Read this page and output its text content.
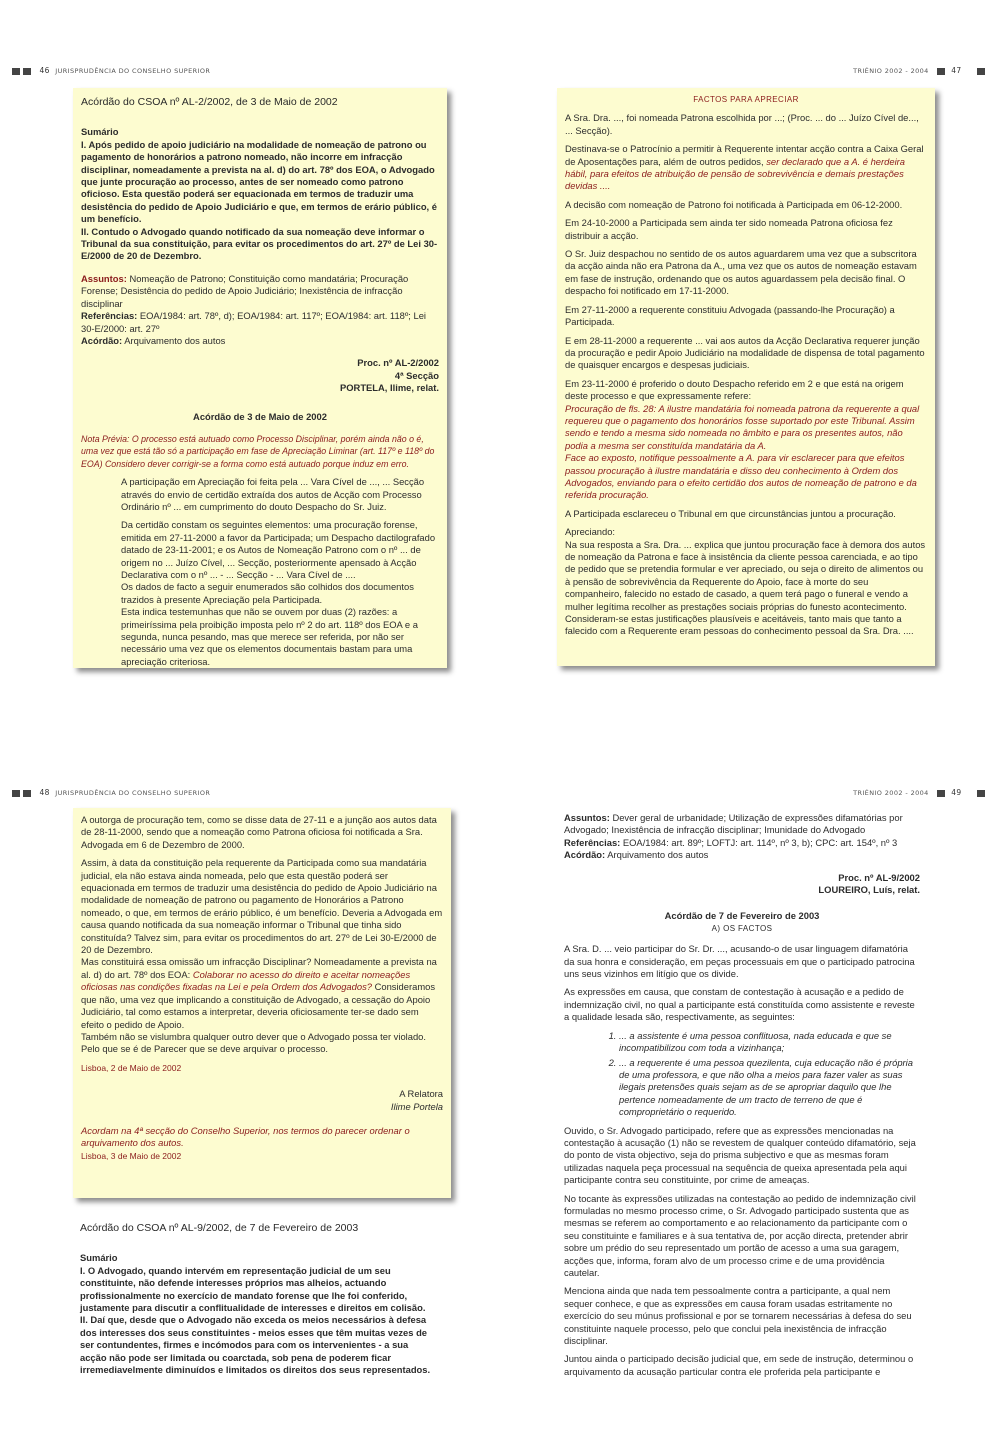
46 JURISPRUDÊNCIA DO CONSELHO SUPERIOR	TRIÉNIO 2002 - 2004	47
48 JURISPRUDÊNCIA DO CONSELHO SUPERIOR	TRIÉNIO 2002 - 2004	49

Acórdão do CSOA nº AL-2/2002, de 3 de Maio de 2002

Sumário
I. Após pedido de apoio judiciário na modalidade de nomeação de patrono ou pagamento de honorários a patrono nomeado, não incorre em infracção disciplinar, nomeadamente a prevista na al. d) do art. 78º dos EOA, o Advogado que junte procuração ao processo, antes de ser nomeado como patrono oficioso. Esta questão poderá ser equacionada em termos de traduzir uma desistência do pedido de Apoio Judiciário e que, em termos de erário público, é um benefício.

II. Contudo o Advogado quando notificado da sua nomeação deve informar o Tribunal da sua constituição, para evitar os procedimentos do art. 27º de Lei 30-E/2000 de 20 de Dezembro.

Assuntos: Nomeação de Patrono; Constituição como mandatária; Procuração Forense; Desistência do pedido de Apoio Judiciário; Inexistência de infracção disciplinar
Referências: EOA/1984: art. 78º, d); EOA/1984: art. 117º; EOA/1984: art. 118º; Lei 30-E/2000: art. 27º
Acórdão: Arquivamento dos autos
Proc. nº AL-2/2002
4ª Secção
PORTELA, Ilime, relat.
Acórdão de 3 de Maio de 2002

Nota Prévia: O processo está autuado como Processo Disciplinar, porém ainda não o é, uma vez que está tão só a participação em fase de Apreciação Liminar (art. 117º e 118º do EOA) Considero dever corrigir-se a forma como está autuado porque induz em erro.

A participação em Apreciação foi feita pela ... Vara Cível de ..., ... Secção através do envio de certidão extraída dos autos de Acção com Processo Ordinário nº ... em cumprimento do douto Despacho do Sr. Juiz.

Da certidão constam os seguintes elementos: uma procuração forense, emitida em 27-11-2000 a favor da Participada; um Despacho dactilografado datado de 23-11-2001; e os Autos de Nomeação Patrono com o nº ... de origem no ... Juízo Cível, ... Secção, posteriormente apensado à Acção Declarativa com o nº ... - ... Secção - ... Vara Cível de ....
Os dados de facto a seguir enumerados são colhidos dos documentos trazidos à presente Apreciação pela Participada.
Esta indica testemunhas que não se ouvem por duas (2) razões: a primeiríssima pela proibição imposta pelo nº 2 do art. 118º dos EOA e a segunda, nunca pesando, mas que merece ser referida, por não ser necessário uma vez que os elementos documentais bastam para uma apreciação criteriosa.
FACTOS PARA APRECIAR

A Sra. Dra. ..., foi nomeada Patrona escolhida por ...; (Proc. ... do ... Juízo Cível de..., ... Secção).

Destinava-se o Patrocínio a permitir à Requerente intentar acção contra a Caixa Geral de Aposentações para, além de outros pedidos, ser declarado que a A. é herdeira hábil, para efeitos de atribuição de pensão de sobrevivência e demais prestações devidas ....

A decisão com nomeação de Patrono foi notificada à Participada em 06-12-2000.

Em 24-10-2000 a Participada sem ainda ter sido nomeada Patrona oficiosa fez distribuir a acção.

O Sr. Juiz despachou no sentido de os autos aguardarem uma vez que a subscritora da acção ainda não era Patrona da A., uma vez que os autos de nomeação estavam em fase de instrução, ordenando que os autos aguardassem pela decisão final. O despacho foi notificado em 17-11-2000.

Em 27-11-2000 a requerente constituiu Advogada (passando-lhe Procuração) a Participada.

E em 28-11-2000 a requerente ... vai aos autos da Acção Declarativa requerer junção da procuração e pedir Apoio Judiciário na modalidade de dispensa de total pagamento de quaisquer encargos e despesas judiciais.

Em 23-11-2000 é proferido o douto Despacho referido em 2 e que está na origem deste processo e que expressamente refere:
Procuração de fls. 28: A ilustre mandatária foi nomeada patrona da requerente a qual requereu que o pagamento dos honorários fosse suportado por este Tribunal. Assim sendo e tendo a mesma sido nomeada no âmbito e para os presentes autos, não podia a mesma ser constituída mandatária da A.

Face ao exposto, notifique pessoalmente a A. para vir esclarecer para que efeitos passou procuração à ilustre mandatária e disso deu conhecimento à Ordem dos Advogados, enviando para o efeito certidão dos autos de nomeação de patrono e da referida procuração.

A Participada esclareceu o Tribunal em que circunstâncias juntou a procuração.

Apreciando:
Na sua resposta a Sra. Dra. ... explica que juntou procuração face à demora dos autos de nomeação da Patrona e face à insistência da cliente pessoa carenciada, e ao tipo de pedido que se pretendia formular e ver apreciado, ou seja o direito de alimentos ou à pensão de sobrevivência da Requerente do Apoio, face à morte do seu companheiro, falecido no estado de casado, a quem terá pago o funeral e vendo a mulher legítima recolher as prestações sociais próprias do funesto acontecimento.
Consideram-se estas justificações plausíveis e aceitáveis, tanto mais que tanto a falecido com a Requerente eram pessoas do conhecimento pessoal da Sra. Dra. ....

A outorga de procuração tem, como se disse data de 27-11 e a junção aos autos data de 28-11-2000, sendo que a nomeação como Patrona oficiosa foi notificada a Sra. Advogada em 6 de Dezembro de 2000.

Assim, à data da constituição pela requerente da Participada como sua mandatária judicial, ela não estava ainda nomeada, pelo que esta questão poderá ser equacionada em termos de traduzir uma desistência do pedido de Apoio Judiciário na modalidade de nomeação de patrono ou pagamento de Honorários a Patrono nomeado, o que, em termos de erário público, é um benefício. Deveria a Advogada em causa quando notificada da sua nomeação informar o Tribunal que tinha sido constituída? Talvez sim, para evitar os procedimentos do art. 27º de Lei 30-E/2000 de 20 de Dezembro.
Mas constituirá essa omissão um infracção Disciplinar? Nomeadamente a prevista na al. d) do art. 78º dos EOA: Colaborar no acesso do direito e aceitar nomeações oficiosas nas condições fixadas na Lei e pela Ordem dos Advogados? Consideramos que não, uma vez que implicando a constituição de Advogado, a cessação do Apoio Judiciário, tal como estamos a interpretar, deveria oficiosamente ter-se dado sem efeito o pedido de Apoio.

Também não se vislumbra qualquer outro dever que o Advogado possa ter violado. Pelo que se é de Parecer que se deve arquivar o processo.

Lisboa, 2 de Maio de 2002
A Relatora
Ilime Portela
Acordam na 4ª secção do Conselho Superior, nos termos do parecer ordenar o arquivamento dos autos.
Lisboa, 3 de Maio de 2002
Acórdão do CSOA nº AL-9/2002, de 7 de Fevereiro de 2003
Sumário
I. O Advogado, quando intervém em representação judicial de um seu constituinte, não defende interesses próprios mas alheios, actuando profissionalmente no exercício de mandato forense que lhe foi conferido, justamente para discutir a conflitualidade de interesses e direitos em colisão.
II. Daí que, desde que o Advogado não exceda os meios necessários à defesa dos interesses dos seus constituintes - meios esses que têm muitas vezes de ser contundentes, firmes e incómodos para com os intervenientes - a sua acção não pode ser limitada ou coarctada, sob pena de poderem ficar irremediavelmente diminuídos e limitados os direitos dos seus representados.
Assuntos: Dever geral de urbanidade; Utilização de expressões difamatórias por Advogado; Inexistência de infracção disciplinar; Imunidade do Advogado
Referências: EOA/1984: art. 89º; LOFTJ: art. 114º, nº 3, b); CPC: art. 154º, nº 3
Acórdão: Arquivamento dos autos
Proc. nº AL-9/2002
LOUREIRO, Luís, relat.
Acórdão de 7 de Fevereiro de 2003
A) OS FACTOS

A Sra. D. ... veio participar do Sr. Dr. ..., acusando-o de usar linguagem difamatória da sua honra e consideração, em peças processuais em que o participado patrocina uns seus vizinhos em litígio que os divide.

As expressões em causa, que constam de contestação à acusação e a pedido de indemnização civil, no qual a participante está constituída como assistente e reveste a qualidade lesada são, respectivamente, as seguintes:

1. ... a assistente é uma pessoa conflituosa, nada educada e que se incompatibilizou com toda a vizinhança;
2. ... a requerente é uma pessoa quezilenta, cuja educação não é própria de uma professora, e que não olha a meios para fazer valer as suas ilegais pretensões quais sejam as de se apropriar daquilo que lhe pertence nomeadamente de um tracto de terreno de que é comproprietário o requerido.

Ouvido, o Sr. Advogado participado, refere que as expressões mencionadas na contestação à acusação (1) não se revestem de qualquer conteúdo difamatório, seja do ponto de vista objectivo, seja do prisma subjectivo e que as mesmas foram utilizadas naquela peça processual na sequência de queixa apresentada pela aqui participante contra seu constituinte, por crime de ameaças.

No tocante às expressões utilizadas na contestação ao pedido de indemnização civil formuladas no mesmo processo crime, o Sr. Advogado participado sustenta que as mesmas se referem ao comportamento e ao relacionamento da participante com o seu constituinte e familiares e à sua tentativa de, por acção directa, pretender abrir sobre um prédio do seu representado um portão de acesso a uma sua garagem, acções que, informa, foram alvo de um processo crime e de uma providência cautelar.

Menciona ainda que nada tem pessoalmente contra a participante, a qual nem sequer conhece, e que as expressões em causa foram usadas estritamente no exercício do seu múnus profissional e por se tornarem necessárias à defesa do seu constituinte naquele processo, pelo que conclui pela inexistência de infracção disciplinar.

Juntou ainda o participado decisão judicial que, em sede de instrução, determinou o arquivamento da acusação particular contra ele proferida pela participante e
